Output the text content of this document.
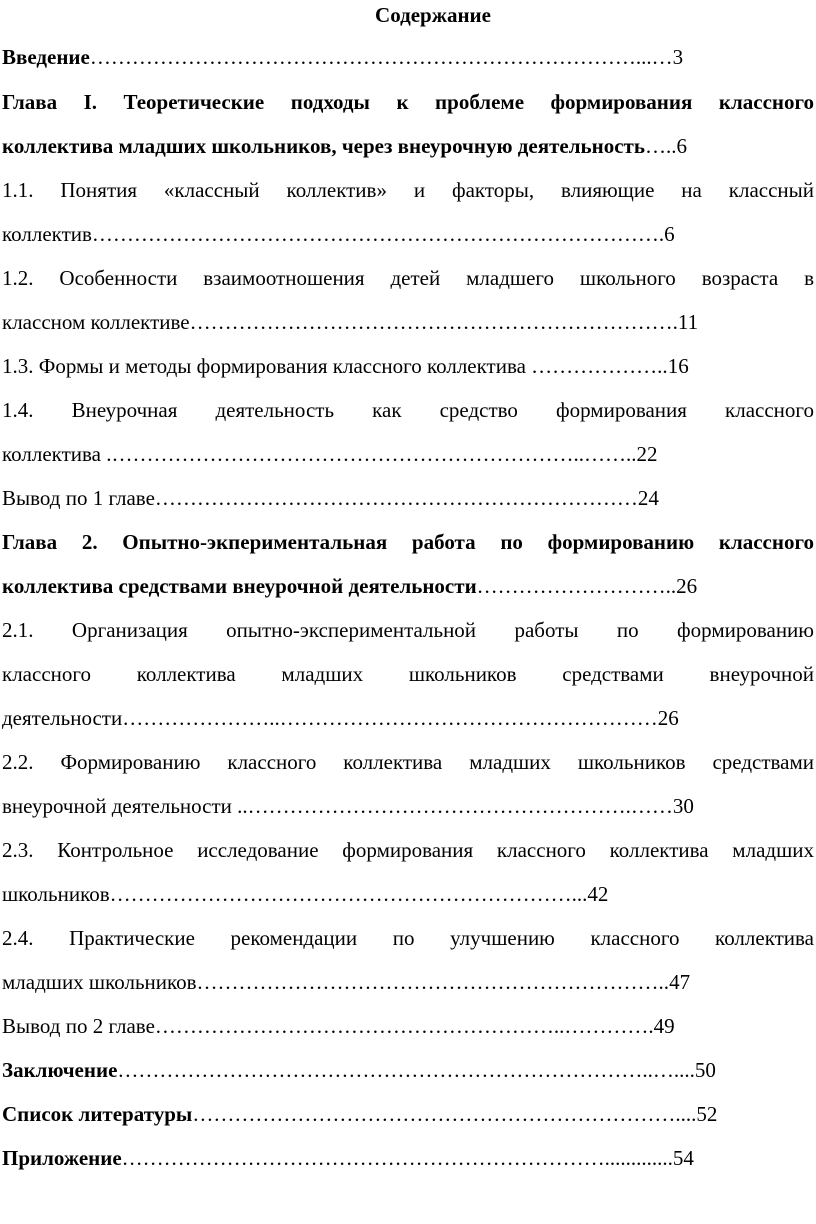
Содержание
Введение……………………………………………………………………...…3
Глава I. Теоретические подходы к проблеме формирования классного
коллектива младших школьников, через внеурочную деятельность…..6
1.1. Понятия «классный коллектив» и факторы, влияющие на классный
коллектив……………………………………………………………………….6
1.2. Особенности взаимоотношения детей младшего школьного возраста в
классном коллективе…………………………………………………………….11
1.3. Формы и методы формирования классного коллектива ………………..16
1.4. Внеурочная деятельность как средство формирования классного
коллектива .…………………………………………………………..……..22
Вывод по 1 главе……………………………………………………………24
Глава 2. Опытно-экпериментальная работа по формированию классного
коллектива средствами внеурочной деятельности………………………..26
2.1. Организация опытно-экспериментальной работы по формированию
классного коллектива младших школьников средствами внеурочной
деятельности…………………..………………………………………………26
2.2. Формированию классного коллектива младших школьников средствами
внеурочной деятельности ..……………………………………………….……30
2.3. Контрольное исследование формирования классного коллектива младших
школьников…………………………………………………………...42
2.4. Практические рекомендации по улучшению классного коллектива
младших школьников…………………………………………………………..47
Вывод по 2 главе…………………………………………………..………….49
Заключение…………………………………………………………………..…....50
Список литературы……………………………………………………………....52
Приложение…………………………………………………………….............54
